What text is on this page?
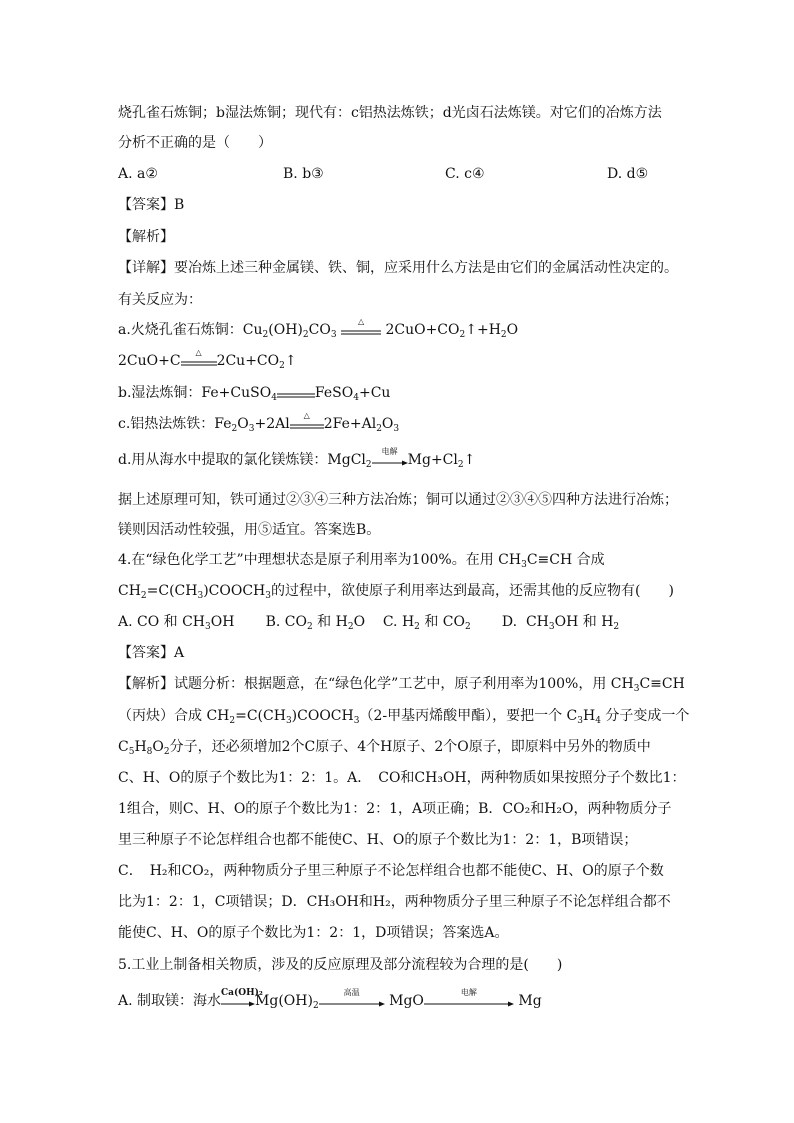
烧孔雀石炼铜；b湿法炼铜；现代有：c铝热法炼铁；d光卤石法炼镁。对它们的冶炼方法
分析不正确的是（　　）
A. a②	B. b③	C. c④	D. d⑤
【答案】B
【解析】
【详解】要冶炼上述三种金属镁、铁、铜，应采用什么方法是由它们的金属活动性决定的。
有关反应为：
a.火烧孔雀石炼铜：$Cu_2(OH)_2CO_3$
△
$2CuO+CO_2↑+H_2O$
2CuO+C
△
$2Cu+CO_2↑$
b.湿法炼铜：Fe+CuSO$_4$	FeSO$_4$+Cu
c.铝热法炼铁：$Fe_2O_3+2Al$
△
$2Fe+Al_2O_3$
d.用从海水中提取的氯化镁炼镁：MgCl$_2$
电解
$Mg+Cl_2↑$
据上述原理可知，铁可通过②③④三种方法冶炼；铜可以通过②③④⑤四种方法进行冶炼；
镁则因活动性较强，用⑤适宜。答案选B。
4.在“绿色化学工艺”中理想状态是原子利用率为100%。在用 $CH_3C\equiv CH$ 合成
$CH_2=C(CH_3)COOCH_3$的过程中，欲使原子利用率达到最高，还需其他的反应物有(　　)
A. CO 和 $CH_3OH$       B. $CO_2$ 和 $H_2O$    C. $H_2$ 和 $CO_2$       D.  $CH_3OH$ 和 $H_2$
【答案】A
【解析】试题分析：根据题意，在“绿色化学”工艺中，原子利用率为100%，用 $CH_3C\equiv CH$
（丙炔）合成 $CH_2=C(CH_3)COOCH_3(2-$甲基丙烯酸甲酯），要把一个 $C_3H_4$ 分子变成一个
$C_5H_8O_2$分子，还必须增加2个C原子、4个H原子、2个O原子，即原料中另外的物质中
C、H、O的原子个数比为1：2：1。A．　CO和CH₃OH，两种物质如果按照分子个数比1：
1组合，则C、H、O的原子个数比为1：2：1，A项正确；B．CO₂和H₂O，两种物质分子
里三种原子不论怎样组合也都不能使C、H、O的原子个数比为1：2：1，B项错误；
C．　H₂和CO₂，两种物质分子里三种原子不论怎样组合也都不能使C、H、O的原子个数
比为1：2：1，C项错误；D．CH₃OH和H₂，两种物质分子里三种原子不论怎样组合都不
能使C、H、O的原子个数比为1：2：1，D项错误；答案选A。
5.工业上制备相关物质，涉及的反应原理及部分流程较为合理的是(　　)
A. 制取镁：海水 Ca(OH)₂
$Mg(OH)_2$
高温
MgO
电解
Mg
